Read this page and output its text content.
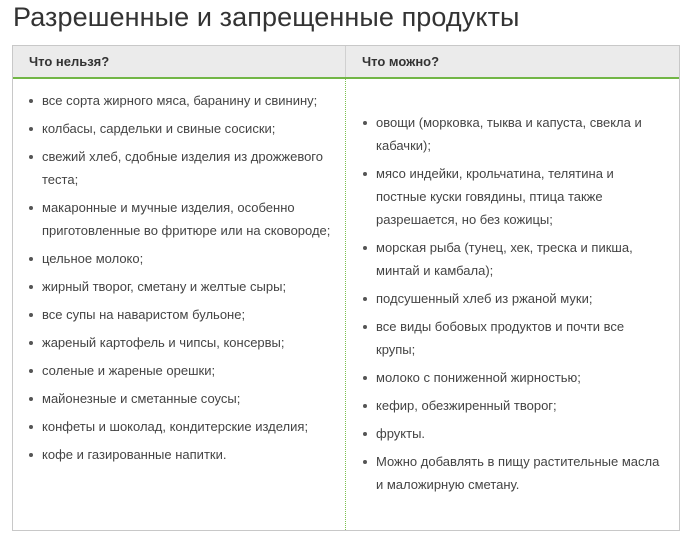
Разрешенные и запрещенные продукты
Что нельзя?	Что можно?
все сорта жирного мяса, баранину и свинину;
колбасы, сардельки и свиные сосиски;
свежий хлеб, сдобные изделия из дрожжевого теста;
макаронные и мучные изделия, особенно приготовленные во фритюре или на сковороде;
цельное молоко;
жирный творог, сметану и желтые сыры;
все супы на наваристом бульоне;
жареный картофель и чипсы, консервы;
соленые и жареные орешки;
майонезные и сметанные соусы;
конфеты и шоколад, кондитерские изделия;
кофе и газированные напитки.
овощи (морковка, тыква и капуста, свекла и кабачки);
мясо индейки, крольчатина, телятина и постные куски говядины, птица также разрешается, но без кожицы;
морская рыба (тунец, хек, треска и пикша, минтай и камбала);
подсушенный хлеб из ржаной муки;
все виды бобовых продуктов и почти все крупы;
молоко с пониженной жирностью;
кефир, обезжиренный творог;
фрукты.
Можно добавлять в пищу растительные масла и маложирную сметану.
